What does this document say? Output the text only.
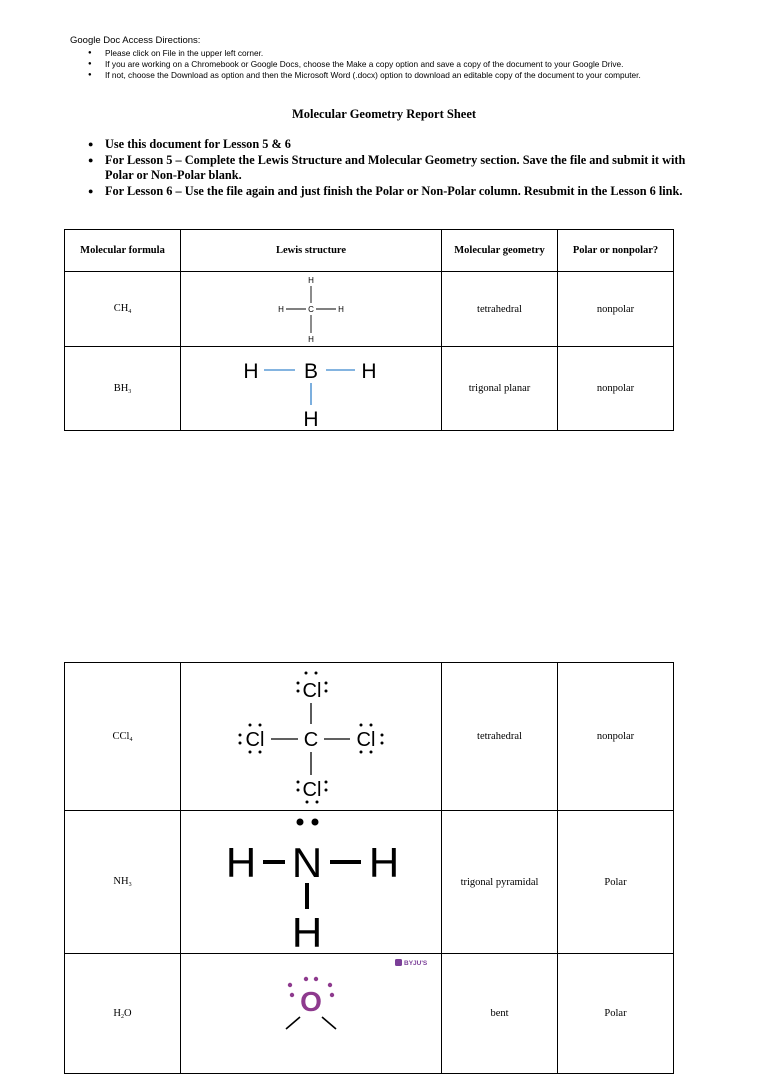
Google Doc Access Directions:
● Please click on File in the upper left corner.
● If you are working on a Chromebook or Google Docs, choose the Make a copy option and save a copy of the document to your Google Drive.
● If not, choose the Download as option and then the Microsoft Word (.docx) option to download an editable copy of the document to your computer.
Molecular Geometry Report Sheet
● Use this document for Lesson 5 & 6
● For Lesson 5 – Complete the Lewis Structure and Molecular Geometry section. Save the file and submit it with Polar or Non-Polar blank.
● For Lesson 6 – Use the file again and just finish the Polar or Non-Polar column. Resubmit in the Lesson 6 link.
Molecular formula	Lewis structure	Molecular geometry	Polar or nonpolar?
$CH_4$	H
H C H
H	tetrahedral	nonpolar
$BH_3$	H B H
H	trigonal planar	nonpolar
CCl$_4$	Cl
Cl C Cl
Cl	tetrahedral	nonpolar
$NH_3$	H N H
H	trigonal pyramidal	Polar
$H_2O$	BYJU'S
O	bent	Polar
